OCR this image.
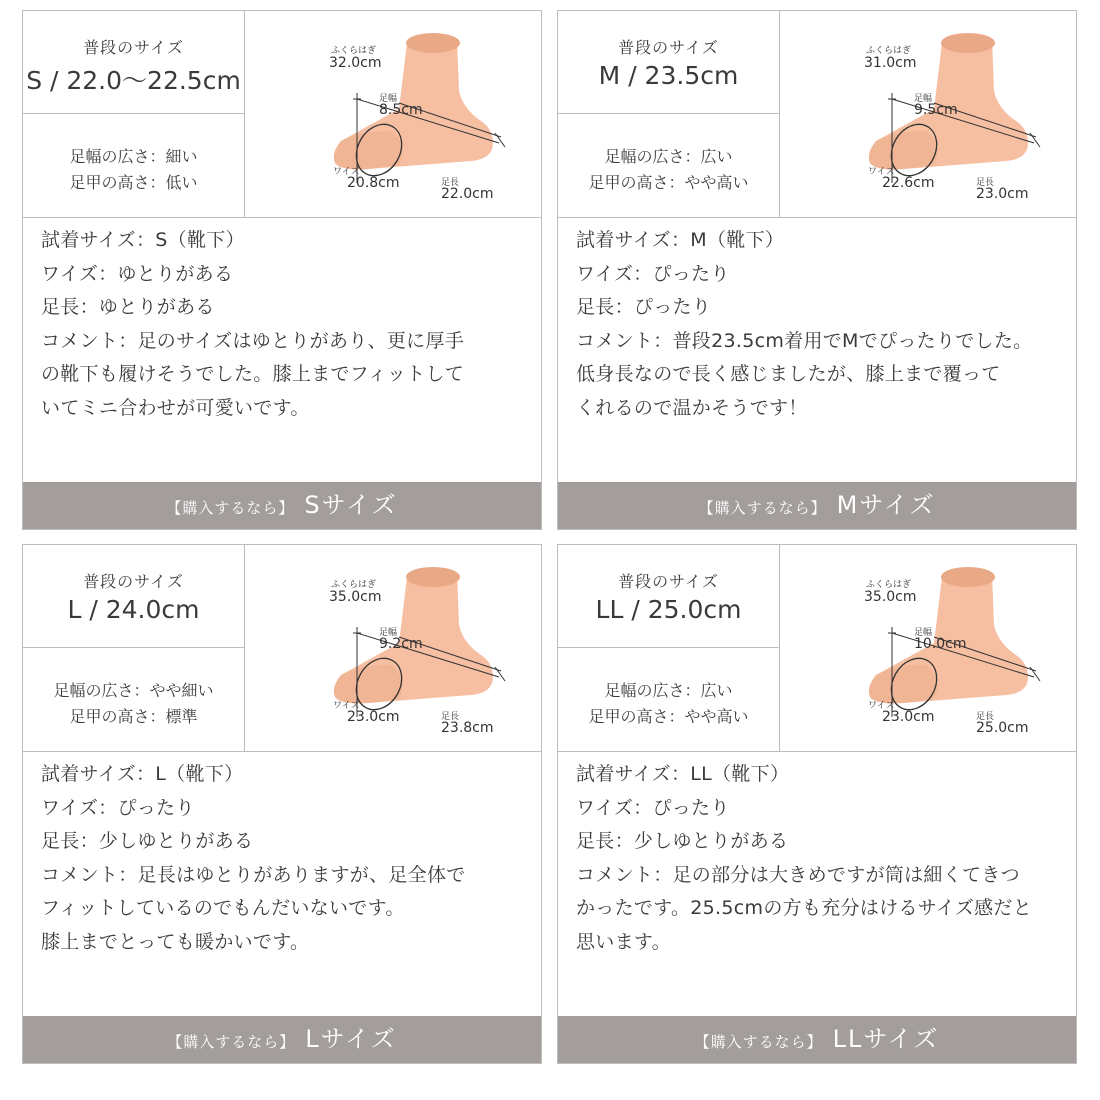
普段のサイズ
S / 22.0〜22.5cm
足幅の広さ：細い
足甲の高さ：低い
ふくらはぎ
32.0cm
足幅
8.5cm
ワイズ
20.8cm	足長
22.0cm
試着サイズ：S（靴下）
ワイズ：ゆとりがある
足長：ゆとりがある
コメント：足のサイズはゆとりがあり、更に厚手
の靴下も履けそうでした。膝上までフィットして
いてミニ合わせが可愛いです。
【購入するなら】 Sサイズ
普段のサイズ
M / 23.5cm
足幅の広さ：広い
足甲の高さ：やや高い
ふくらはぎ
31.0cm
足幅
9.5cm
ワイズ
22.6cm	足長
23.0cm
試着サイズ：M（靴下）
ワイズ：ぴったり
足長：ぴったり
コメント：普段23.5cm着用でMでぴったりでした。
低身長なので長く感じましたが、膝上まで覆って
くれるので温かそうです！
【購入するなら】 Mサイズ
普段のサイズ
L / 24.0cm
足幅の広さ：やや細い
足甲の高さ：標準
ふくらはぎ
35.0cm
足幅
9.2cm
ワイズ
23.0cm	足長
23.8cm
試着サイズ：L（靴下）
ワイズ：ぴったり
足長：少しゆとりがある
コメント：足長はゆとりがありますが、足全体で
フィットしているのでもんだいないです。
膝上までとっても暖かいです。
【購入するなら】 Lサイズ
普段のサイズ
LL / 25.0cm
足幅の広さ：広い
足甲の高さ：やや高い
ふくらはぎ
35.0cm
足幅
10.0cm
ワイズ
23.0cm	足長
25.0cm
試着サイズ：LL（靴下）
ワイズ：ぴったり
足長：少しゆとりがある
コメント：足の部分は大きめですが筒は細くてきつ
かったです。25.5cmの方も充分はけるサイズ感だと
思います。
【購入するなら】 LLサイズ
